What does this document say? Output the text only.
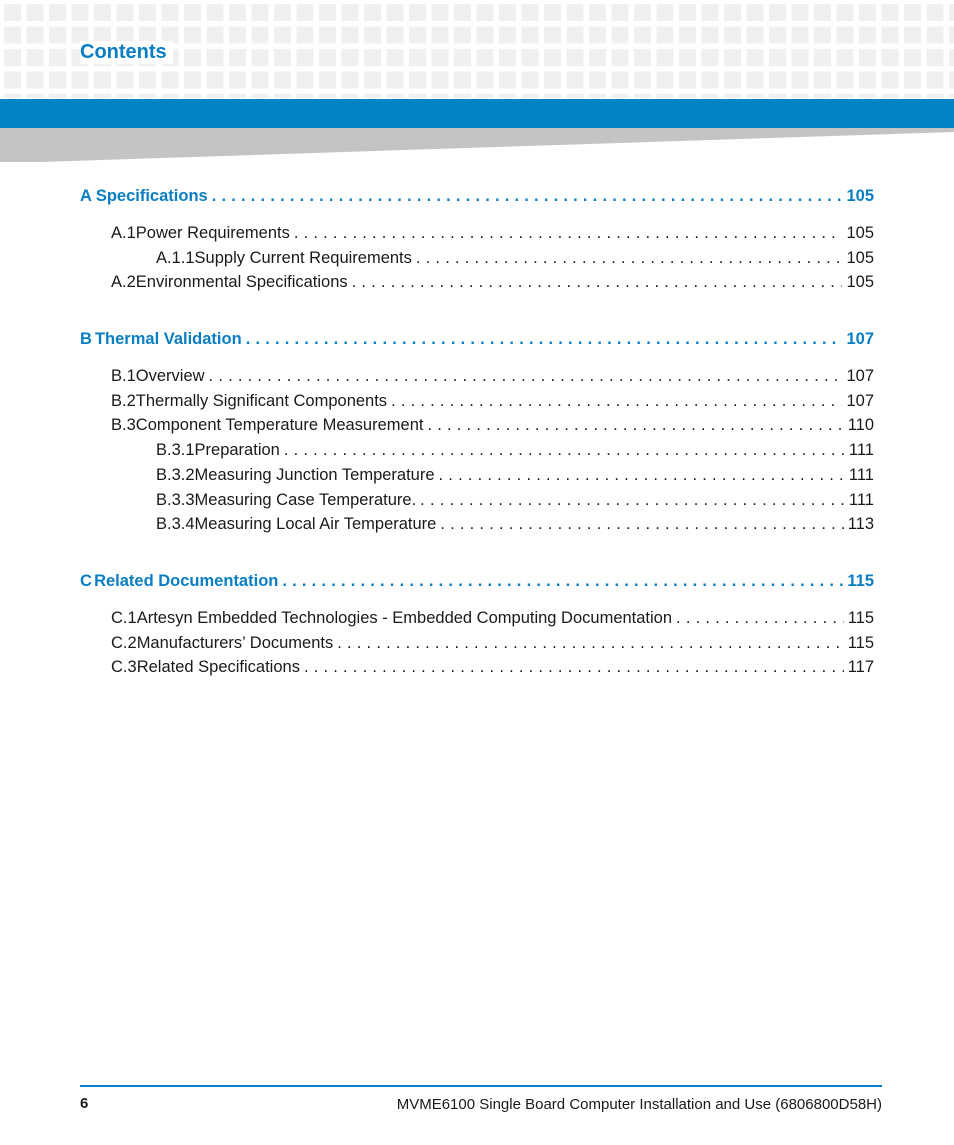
Contents
A Specifications . . .	105
A.1 Power Requirements . . .	105
A.1.1 Supply Current Requirements . . .	105
A.2 Environmental Specifications . . .	105
B Thermal Validation . . .	107
B.1 Overview . . .	107
B.2 Thermally Significant Components . . .	107
B.3 Component Temperature Measurement . . .	110
B.3.1 Preparation . . .	111
B.3.2 Measuring Junction Temperature . . .	111
B.3.3 Measuring Case Temperature. . . .	111
B.3.4 Measuring Local Air Temperature . . .	113
C Related Documentation . . .	115
C.1 Artesyn Embedded Technologies - Embedded Computing Documentation . . .	115
C.2 Manufacturers’ Documents . . .	115
C.3 Related Specifications . . .	117
6	MVME6100 Single Board Computer Installation and Use (6806800D58H)
